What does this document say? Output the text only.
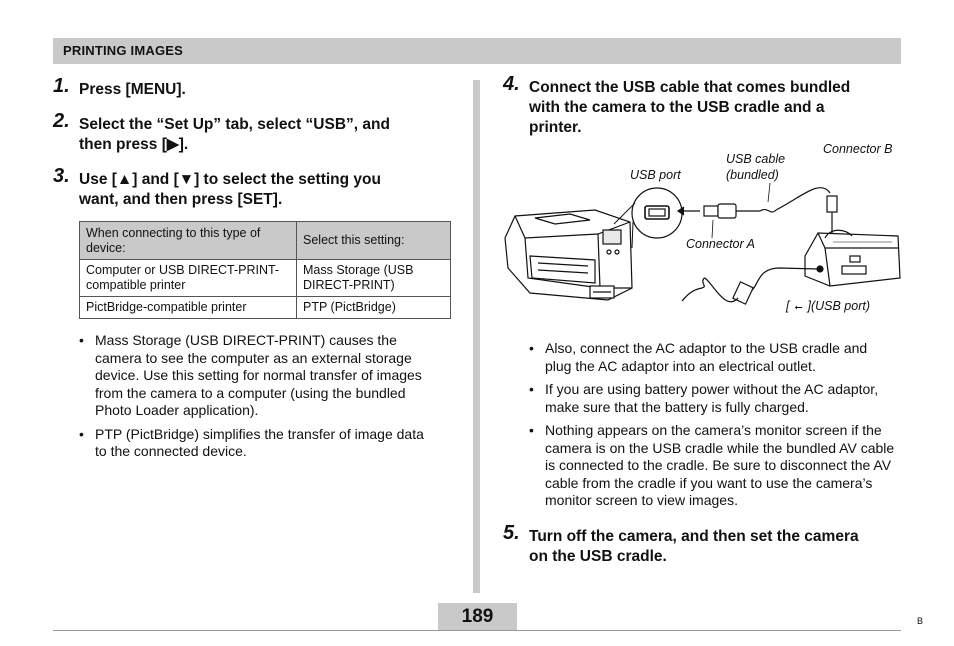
PRINTING IMAGES
1. Press [MENU].
2. Select the “Set Up” tab, select “USB”, and
then press [▶].
3. Use [▲] and [▼] to select the setting you
want, and then press [SET].
When connecting to this type of device:	Select this setting:
Computer or USB DIRECT-PRINT-compatible printer	Mass Storage (USB DIRECT-PRINT)
PictBridge-compatible printer	PTP (PictBridge)
• Mass Storage (USB DIRECT-PRINT) causes the camera to see the computer as an external storage device. Use this setting for normal transfer of images from the camera to a computer (using the bundled Photo Loader application).
• PTP (PictBridge) simplifies the transfer of image data to the connected device.
4. Connect the USB cable that comes bundled
with the camera to the USB cradle and a
printer.
USB port
USB cable
(bundled)
Connector B
Connector A
[ ⭠ ](USB port)
• Also, connect the AC adaptor to the USB cradle and plug the AC adaptor into an electrical outlet.
• If you are using battery power without the AC adaptor, make sure that the battery is fully charged.
• Nothing appears on the camera’s monitor screen if the camera is on the USB cradle while the bundled AV cable is connected to the cradle. Be sure to disconnect the AV cable from the cradle if you want to use the camera’s monitor screen to view images.
5. Turn off the camera, and then set the camera
on the USB cradle.
189	B
